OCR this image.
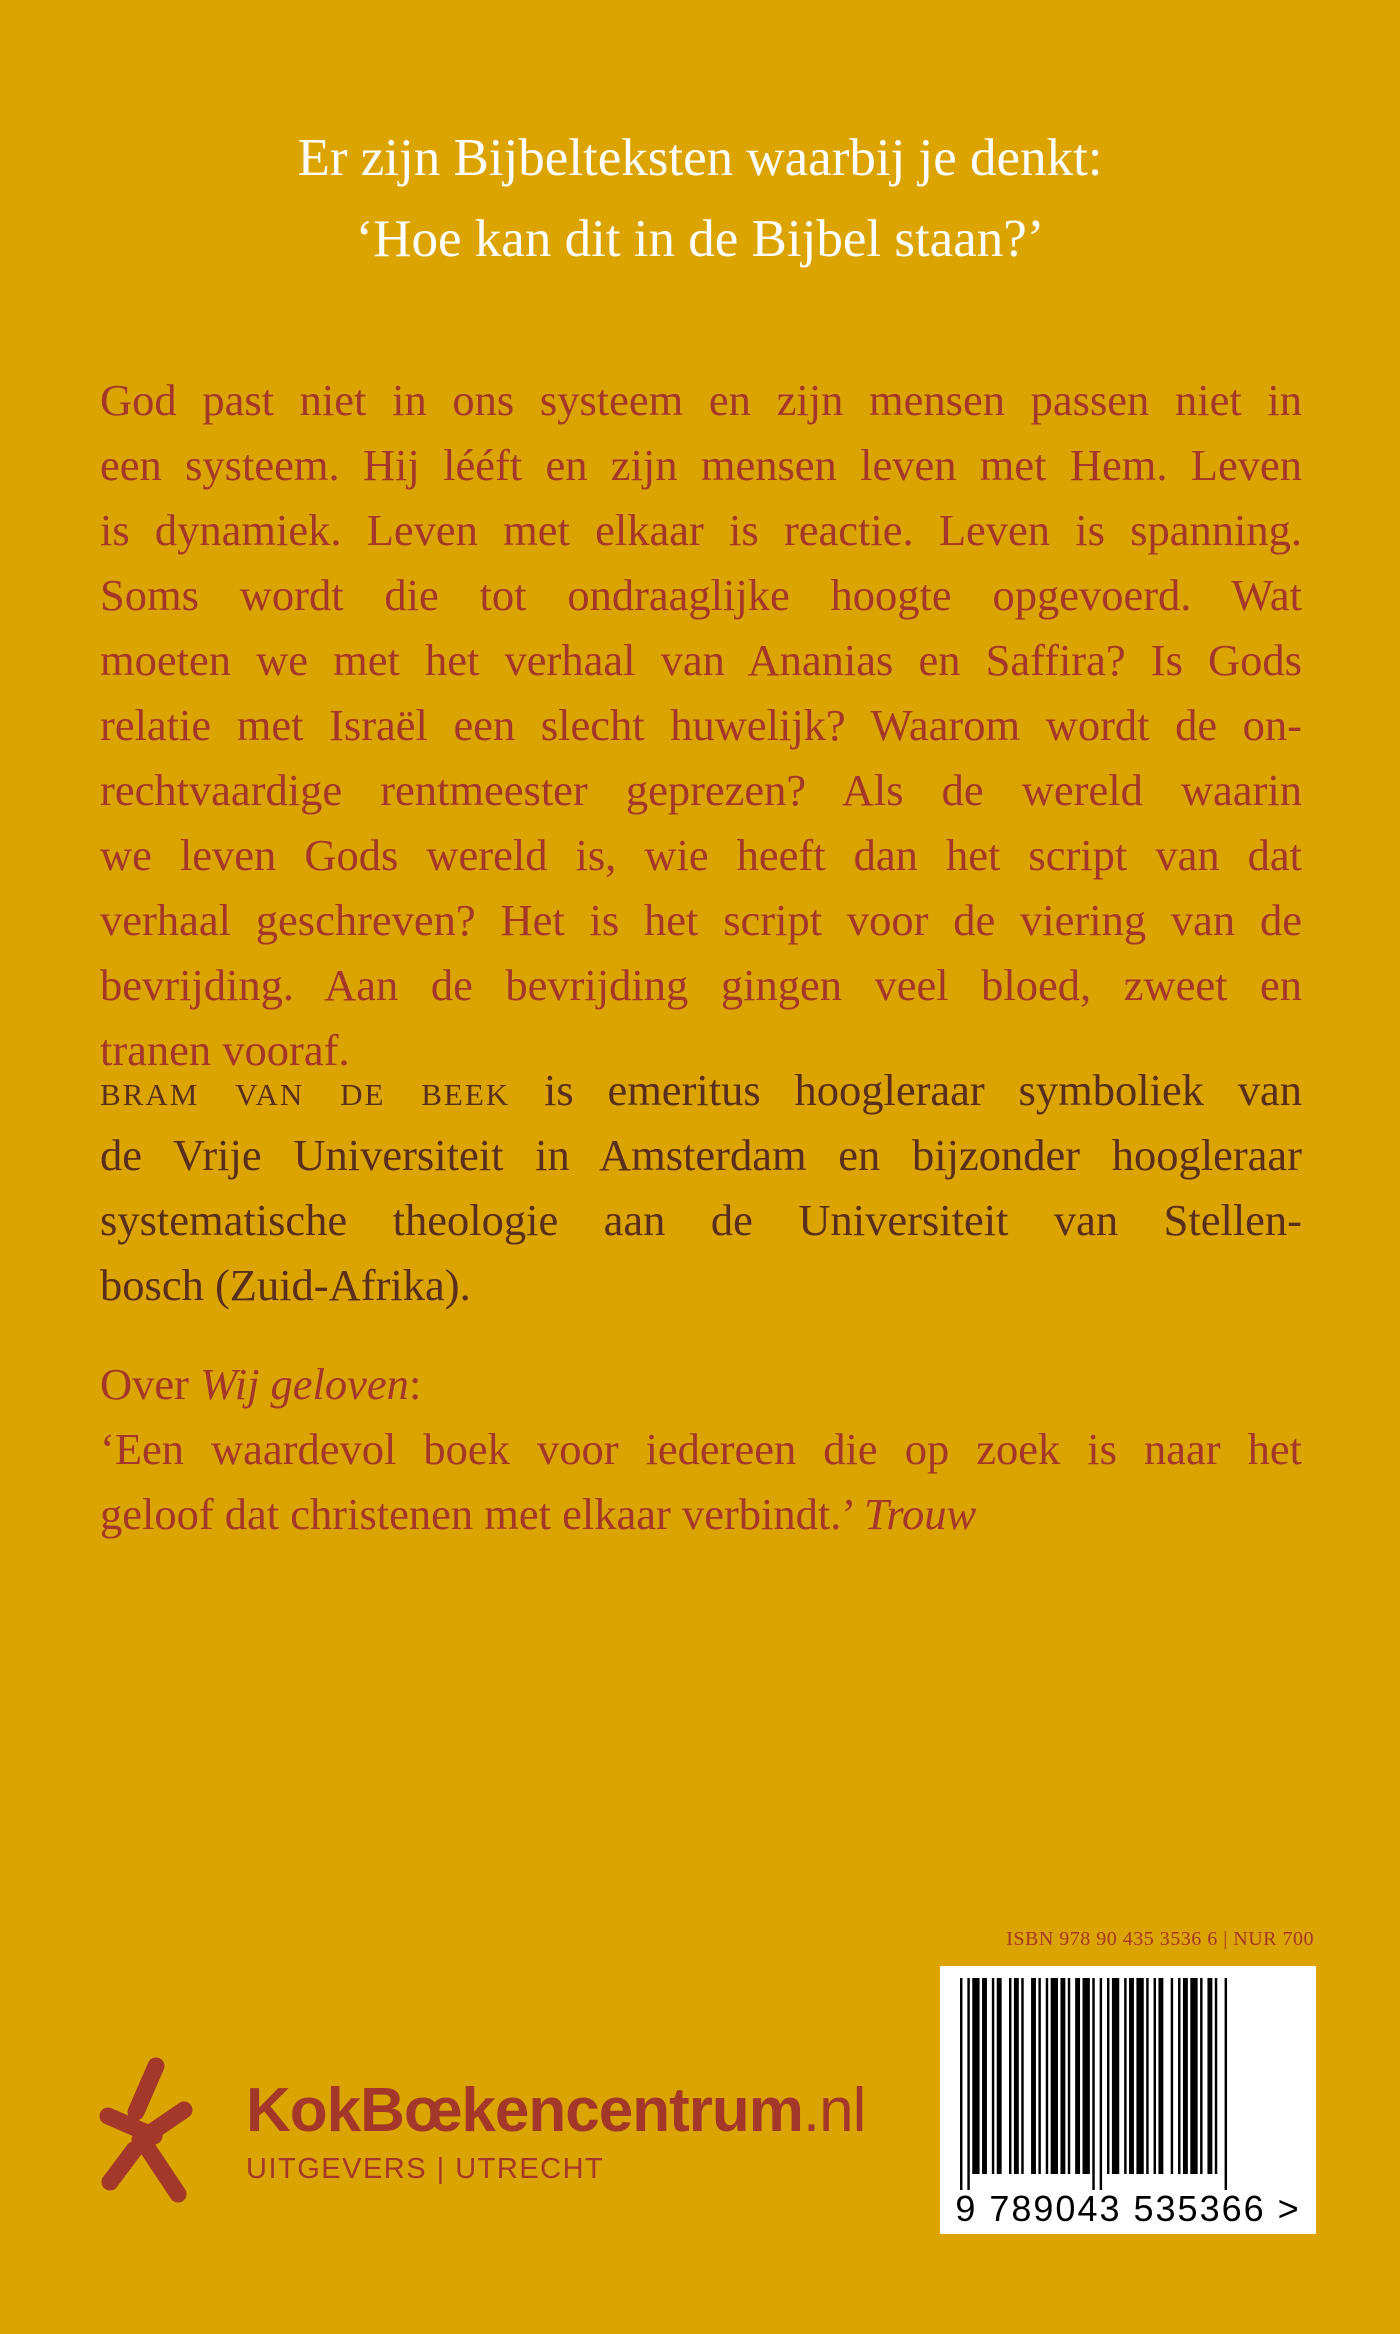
Er zijn Bijbelteksten waarbij je denkt:
‘Hoe kan dit in de Bijbel staan?’
God past niet in ons systeem en zijn mensen passen niet in
een systeem. Hij lééft en zijn mensen leven met Hem. Leven
is dynamiek. Leven met elkaar is reactie. Leven is spanning.
Soms wordt die tot ondraaglijke hoogte opgevoerd. Wat
moeten we met het verhaal van Ananias en Saffira? Is Gods
relatie met Israël een slecht huwelijk? Waarom wordt de on-
rechtvaardige rentmeester geprezen? Als de wereld waarin
we leven Gods wereld is, wie heeft dan het script van dat
verhaal geschreven? Het is het script voor de viering van de
bevrijding. Aan de bevrijding gingen veel bloed, zweet en
tranen vooraf.
bram van de beek is emeritus hoogleraar symboliek van
de Vrije Universiteit in Amsterdam en bijzonder hoogleraar
systematische theologie aan de Universiteit van Stellen-
bosch (Zuid-Afrika).
Over Wij geloven:
‘Een waardevol boek voor iedereen die op zoek is naar het
geloof dat christenen met elkaar verbindt.’ Trouw
ISBN 978 90 435 3536 6 | NUR 700
9 789043 535366 >
KokBœkencentrum.nl
UITGEVERS | UTRECHT
